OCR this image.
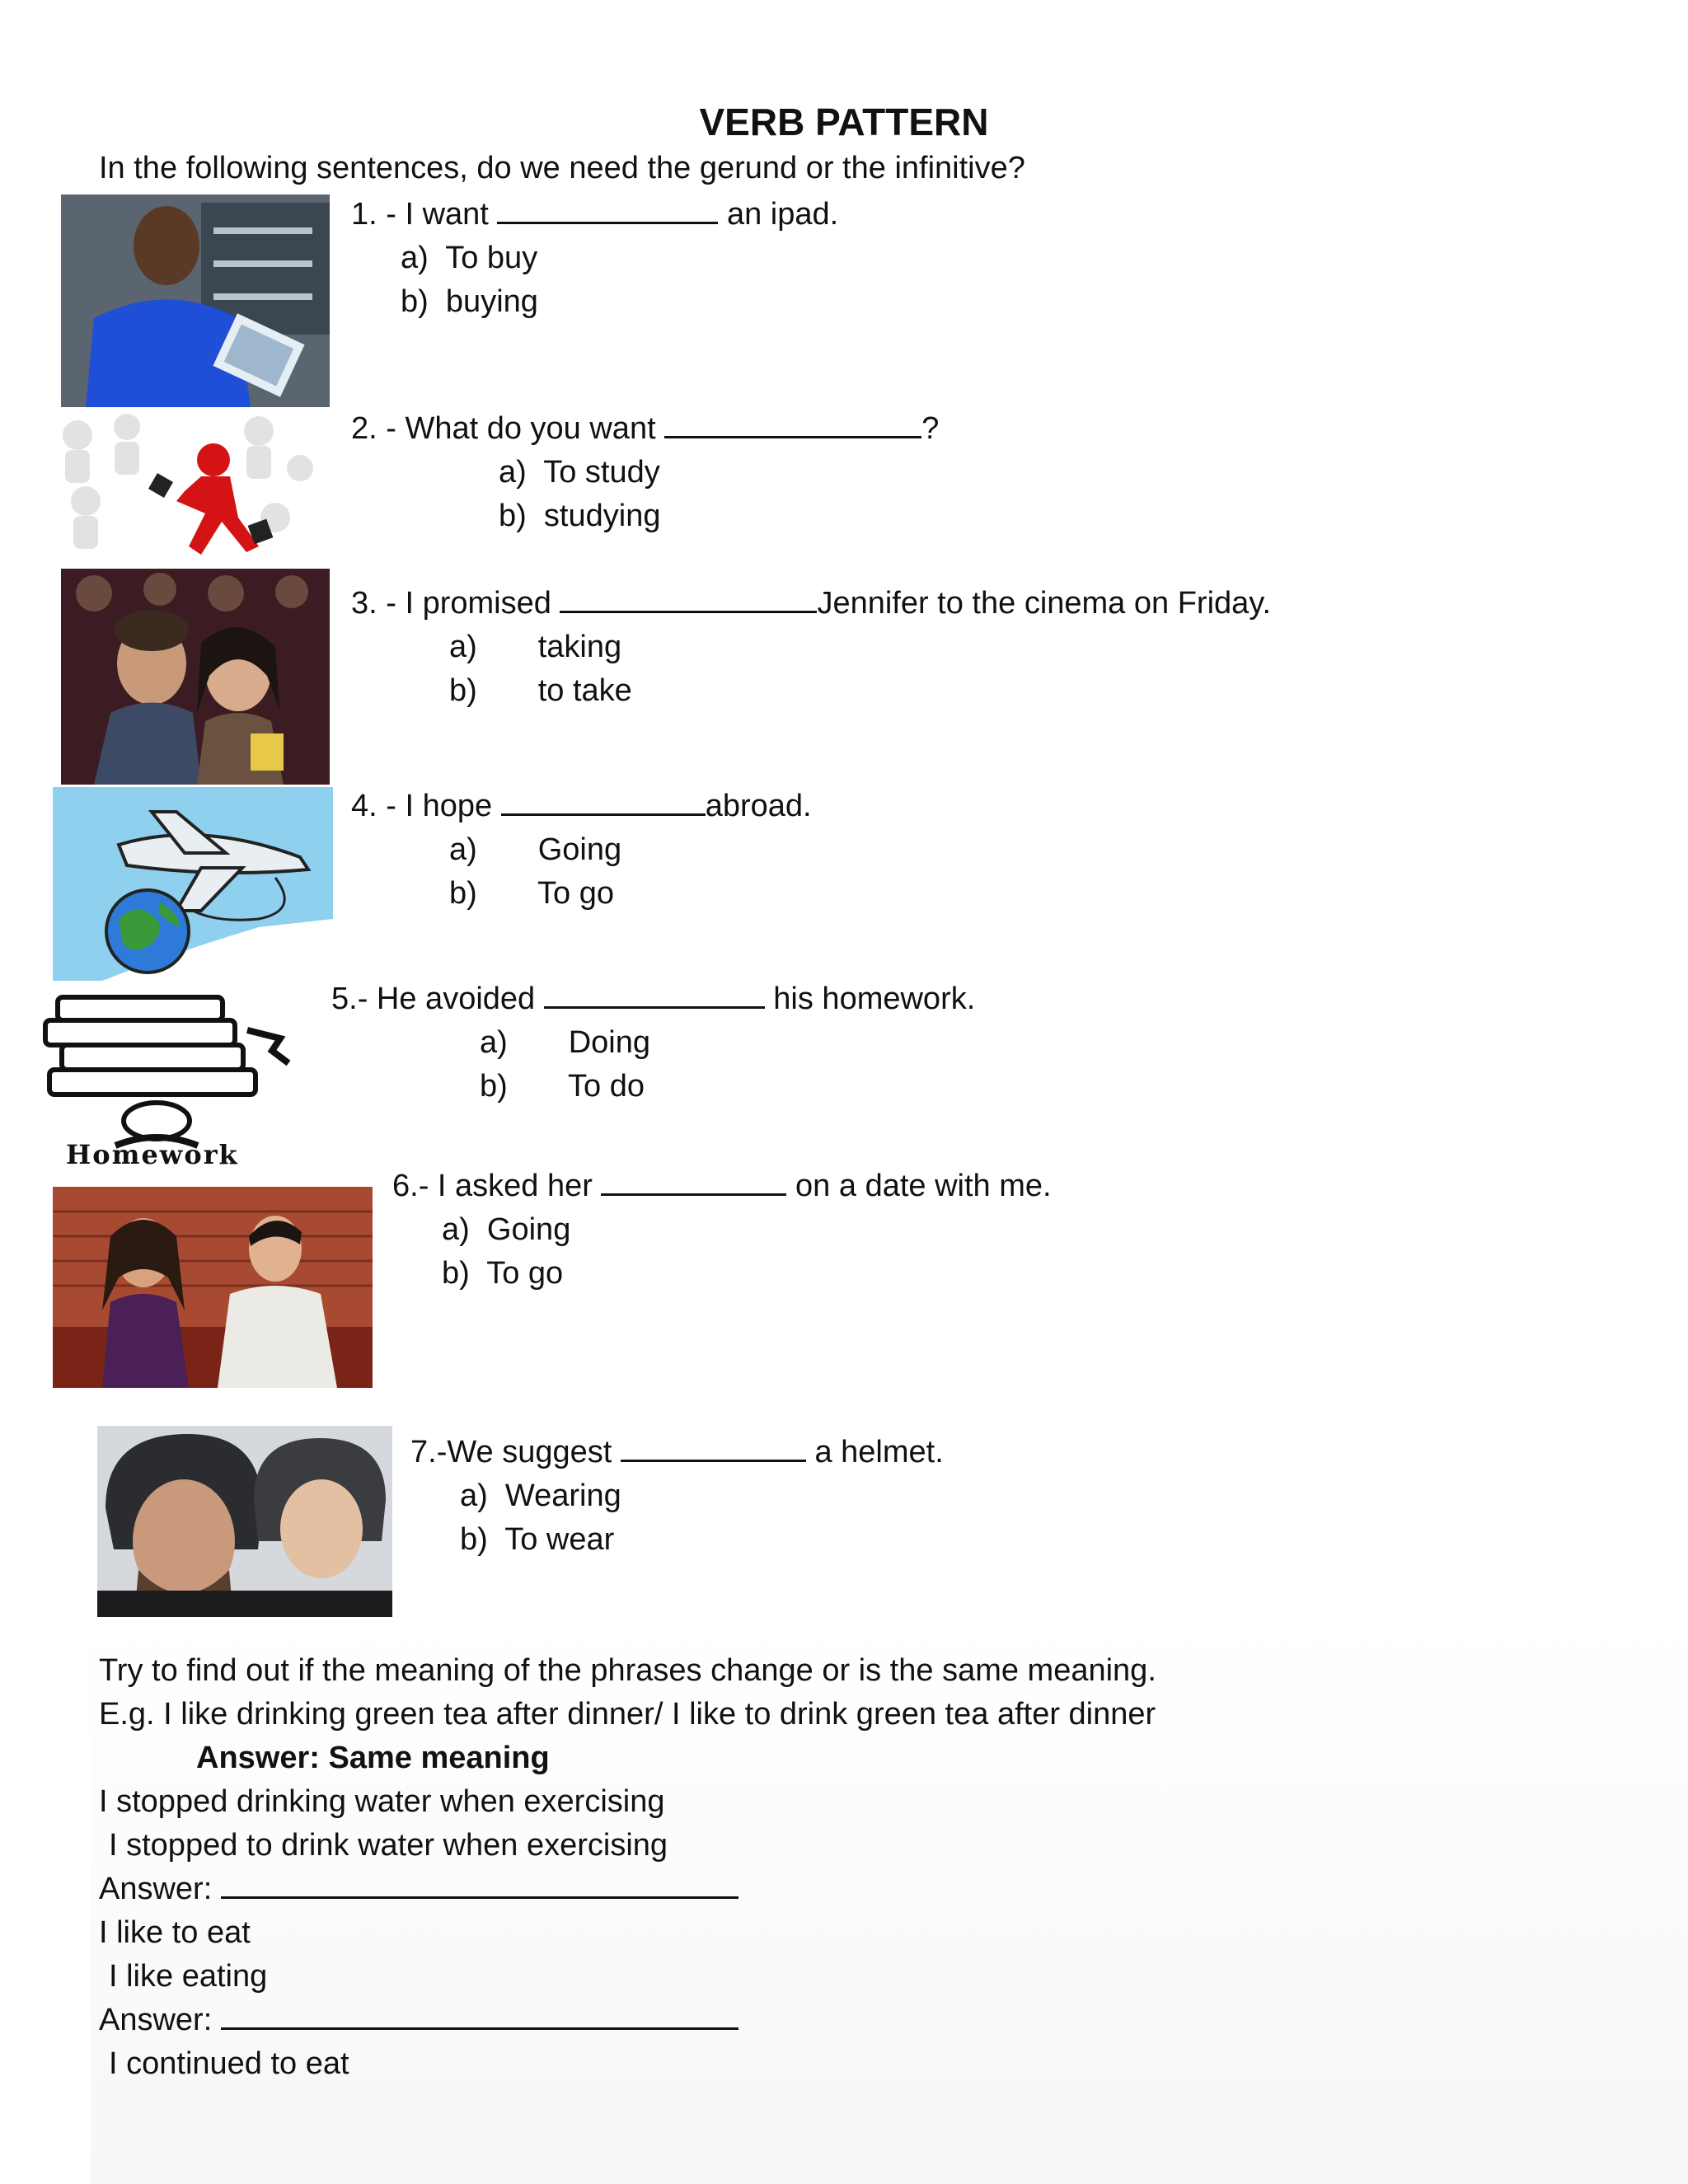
VERB PATTERN
In the following sentences, do we need the gerund or the infinitive?
1. - I want	an ipad.
a) To buy
b) buying
2. - What do you want	?
a) To study
b) studying
3. - I promised	Jennifer to the cinema on Friday.
a) taking
b) to take
4. - I hope	abroad.
a) Going
b) To go
Homework
5.- He avoided	his homework.
a) Doing
b) To do
6.- I asked her	on a date with me.
a) Going
b) To go
7.-We suggest	a helmet.
a) Wearing
b) To wear
Try to find out if the meaning of the phrases change or is the same meaning.
E.g. I like drinking green tea after dinner/ I like to drink green tea after dinner
Answer: Same meaning
I stopped drinking water when exercising
I stopped to drink water when exercising
Answer:
I like to eat
I like eating
Answer:
I continued to eat
